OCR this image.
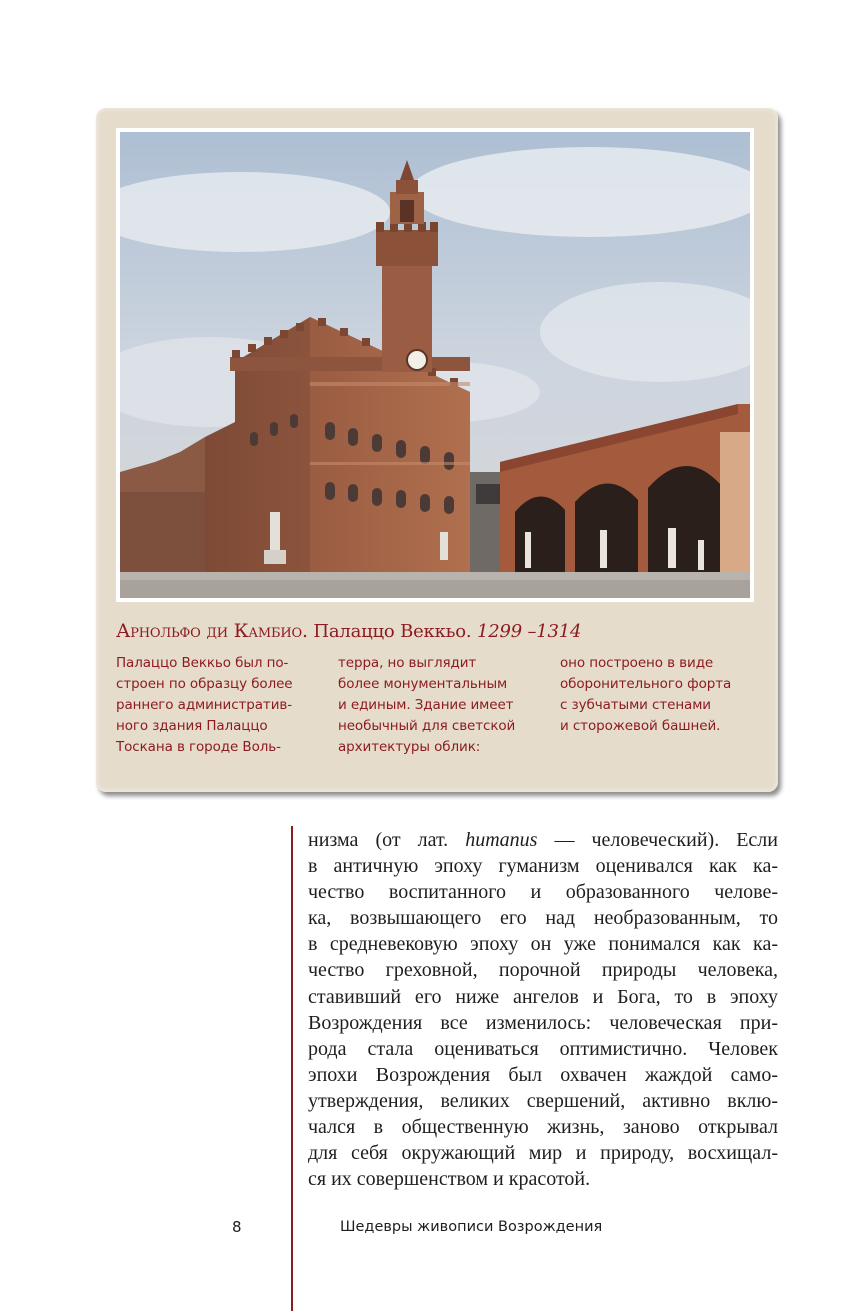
Арнольфо ди Камбио. Палаццо Веккьо. 1299 –1314
Палаццо Веккьо был по-
строен по образцу более
раннего административ-
ного здания Палаццо
Тоскана в городе Воль-
терра, но выглядит
более монументальным
и единым. Здание имеет
необычный для светской
архитектуры облик:
оно построено в виде
оборонительного форта
с зубчатыми стенами
и сторожевой башней.
низма (от лат. humanus — человеческий). Если
в античную эпоху гуманизм оценивался как ка-
чество воспитанного и образованного челове-
ка, возвышающего его над необразованным, то
в средневековую эпоху он уже понимался как ка-
чество греховной, порочной природы человека,
ставивший его ниже ангелов и Бога, то в эпоху
Возрождения все изменилось: человеческая при-
рода стала оцениваться оптимистично. Человек
эпохи Возрождения был охвачен жаждой само-
утверждения, великих свершений, активно вклю-
чался в общественную жизнь, заново открывал
для себя окружающий мир и природу, восхищал-
ся их совершенством и красотой.
8	Шедевры живописи Возрождения
